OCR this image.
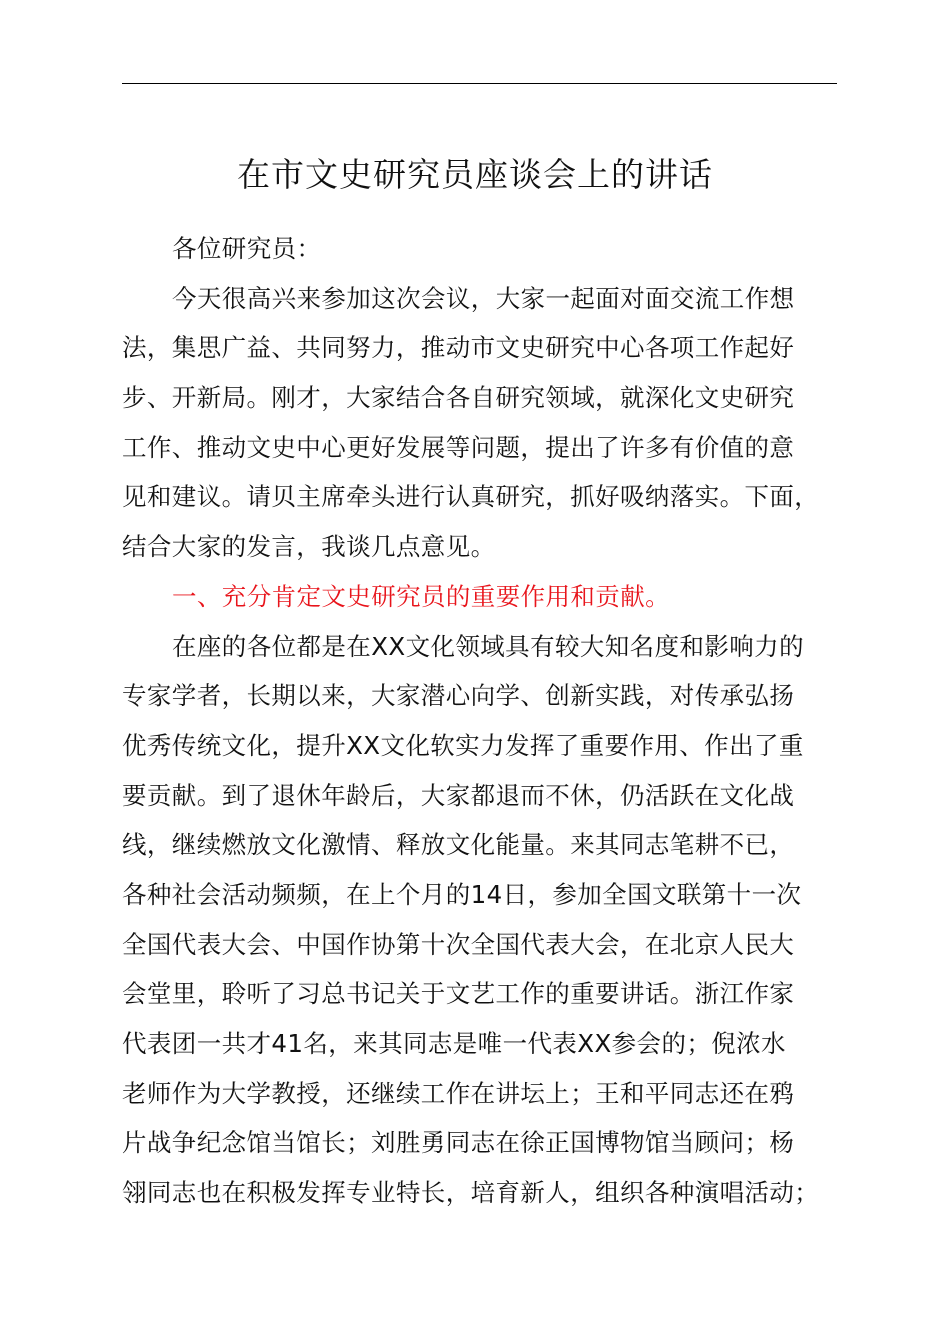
在市文史研究员座谈会上的讲话
各位研究员：
今天很高兴来参加这次会议，大家一起面对面交流工作想
法，集思广益、共同努力，推动市文史研究中心各项工作起好
步、开新局。刚才，大家结合各自研究领域，就深化文史研究
工作、推动文史中心更好发展等问题，提出了许多有价值的意
见和建议。请贝主席牵头进行认真研究，抓好吸纳落实。下面，
结合大家的发言，我谈几点意见。
一、充分肯定文史研究员的重要作用和贡献。
在座的各位都是在XX文化领域具有较大知名度和影响力的
专家学者，长期以来，大家潜心向学、创新实践，对传承弘扬
优秀传统文化，提升XX文化软实力发挥了重要作用、作出了重
要贡献。到了退休年龄后，大家都退而不休，仍活跃在文化战
线，继续燃放文化激情、释放文化能量。来其同志笔耕不已，
各种社会活动频频，在上个月的14日，参加全国文联第十一次
全国代表大会、中国作协第十次全国代表大会，在北京人民大
会堂里，聆听了习总书记关于文艺工作的重要讲话。浙江作家
代表团一共才41名，来其同志是唯一代表XX参会的；倪浓水
老师作为大学教授，还继续工作在讲坛上；王和平同志还在鸦
片战争纪念馆当馆长；刘胜勇同志在徐正国博物馆当顾问；杨
翎同志也在积极发挥专业特长，培育新人，组织各种演唱活动；
